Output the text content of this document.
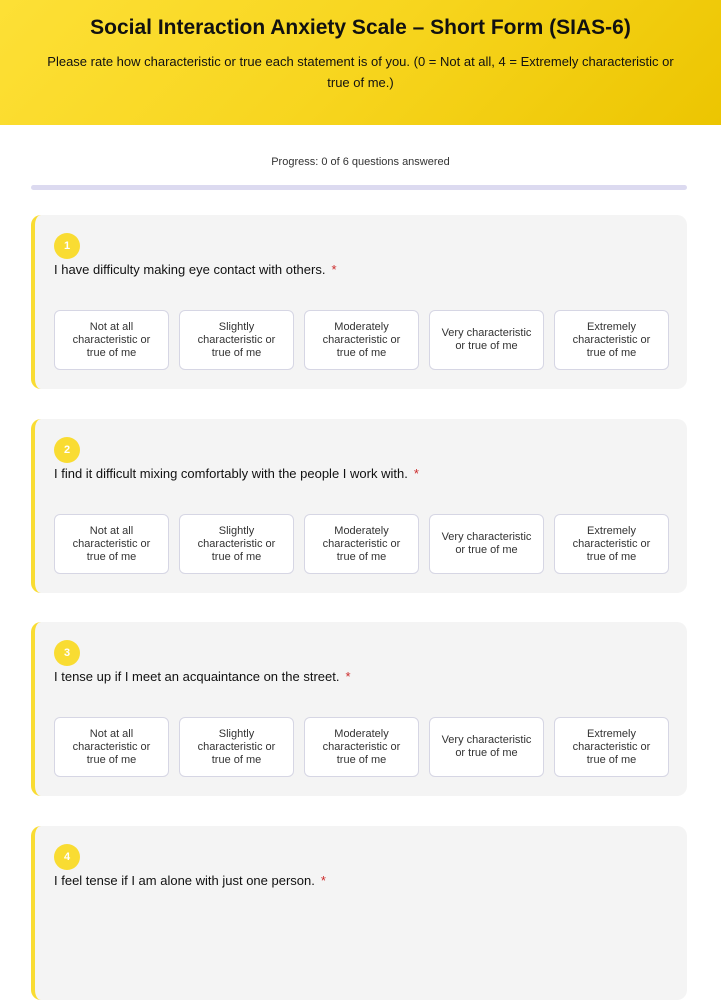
Social Interaction Anxiety Scale – Short Form (SIAS-6)

Please rate how characteristic or true each statement is of you. (0 = Not at all, 4 = Extremely characteristic or true of me.)

Progress: 0 of 6 questions answered
1
I have difficulty making eye contact with others. *
Not at all characteristic or true of me
Slightly characteristic or true of me
Moderately characteristic or true of me
Very characteristic or true of me
Extremely characteristic or true of me
2
I find it difficult mixing comfortably with the people I work with. *
Not at all characteristic or true of me
Slightly characteristic or true of me
Moderately characteristic or true of me
Very characteristic or true of me
Extremely characteristic or true of me
3
I tense up if I meet an acquaintance on the street. *
Not at all characteristic or true of me
Slightly characteristic or true of me
Moderately characteristic or true of me
Very characteristic or true of me
Extremely characteristic or true of me
4
I feel tense if I am alone with just one person. *
